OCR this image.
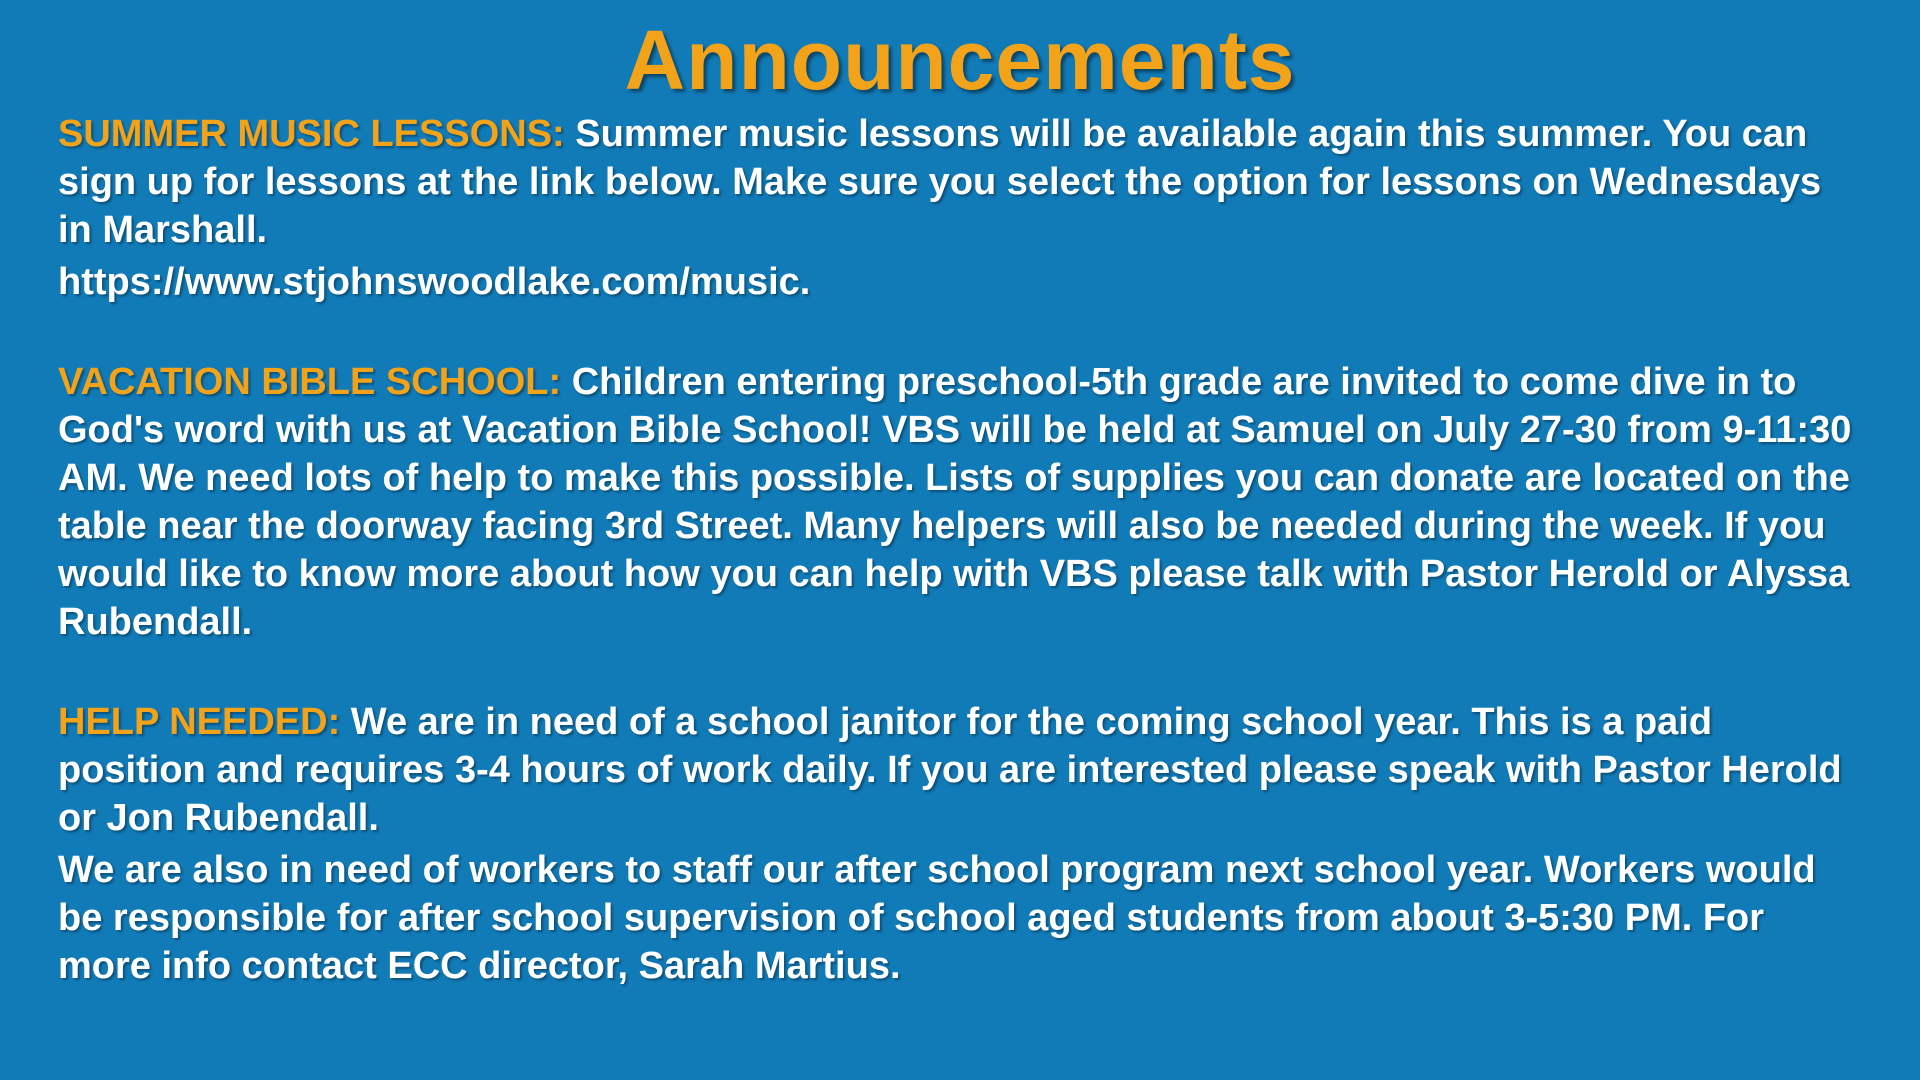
Announcements

SUMMER MUSIC LESSONS: Summer music lessons will be available again this summer. You can sign up for lessons at the link below. Make sure you select the option for lessons on Wednesdays in Marshall.

https://www.stjohnswoodlake.com/music.

VACATION BIBLE SCHOOL: Children entering preschool-5th grade are invited to come dive in to God's word with us at Vacation Bible School! VBS will be held at Samuel on July 27-30 from 9-11:30 AM. We need lots of help to make this possible. Lists of supplies you can donate are located on the table near the doorway facing 3rd Street. Many helpers will also be needed during the week. If you would like to know more about how you can help with VBS please talk with Pastor Herold or Alyssa Rubendall.

HELP NEEDED: We are in need of a school janitor for the coming school year. This is a paid position and requires 3-4 hours of work daily. If you are interested please speak with Pastor Herold or Jon Rubendall.

We are also in need of workers to staff our after school program next school year. Workers would be responsible for after school supervision of school aged students from about 3-5:30 PM. For more info contact ECC director, Sarah Martius.
